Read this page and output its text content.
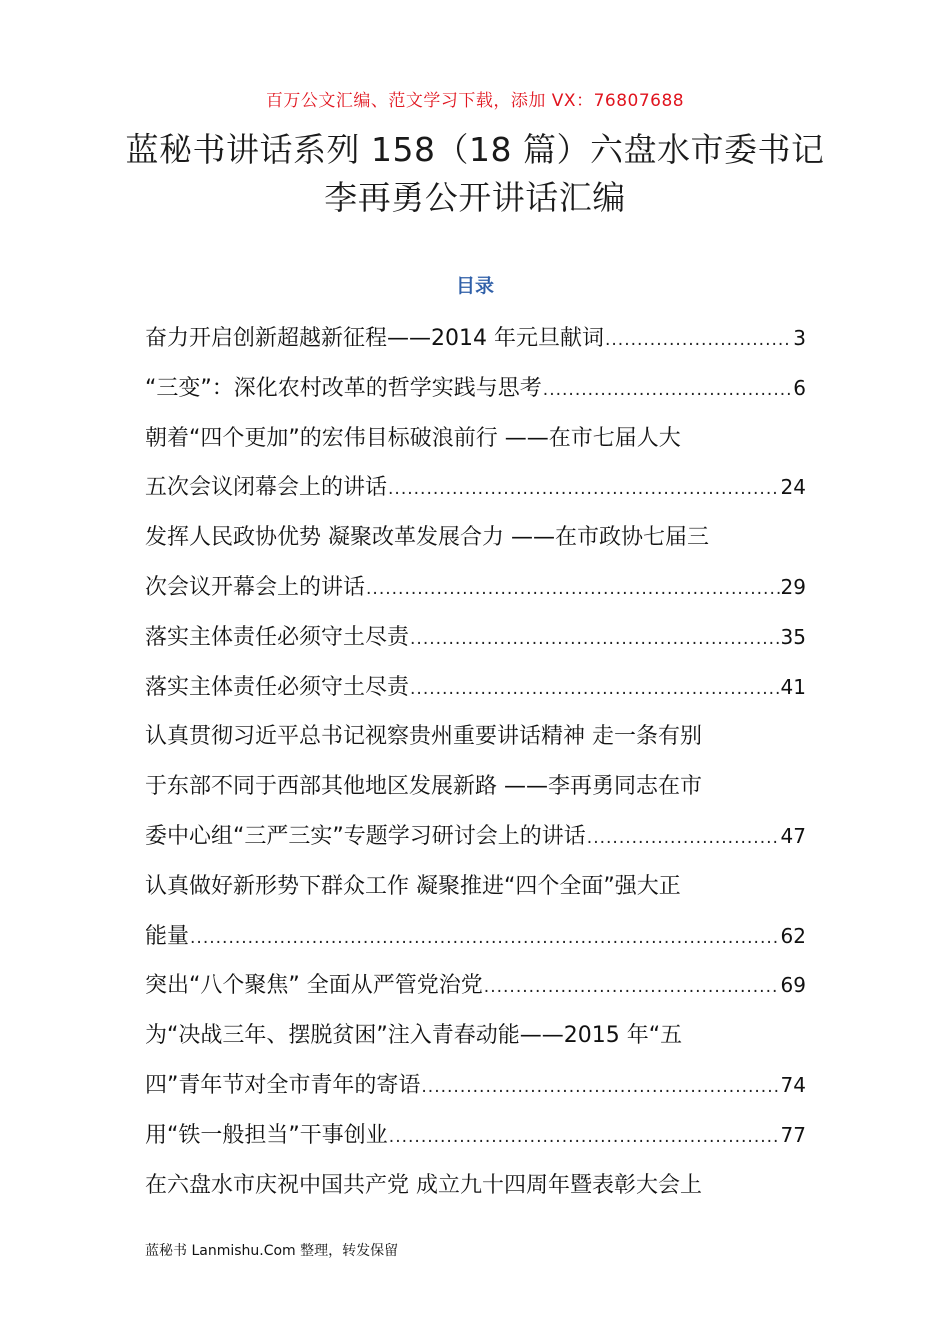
百万公文汇编、范文学习下载，添加 VX：76807688
蓝秘书讲话系列 158（18 篇）六盘水市委书记李再勇公开讲话汇编
目录
奋力开启创新超越新征程——2014 年元旦献词 .....	3
“三变”：深化农村改革的哲学实践与思考 .....	6
朝着“四个更加”的宏伟目标破浪前行 ——在市七届人大
五次会议闭幕会上的讲话 .....	24
发挥人民政协优势 凝聚改革发展合力 ——在市政协七届三
次会议开幕会上的讲话 .....	29
落实主体责任必须守土尽责 .....	35
落实主体责任必须守土尽责 .....	41
认真贯彻习近平总书记视察贵州重要讲话精神 走一条有别
于东部不同于西部其他地区发展新路 ——李再勇同志在市
委中心组“三严三实”专题学习研讨会上的讲话 .....	47
认真做好新形势下群众工作 凝聚推进“四个全面”强大正
能量 .....	62
突出“八个聚焦” 全面从严管党治党 .....	69
为“决战三年、摆脱贫困”注入青春动能——2015 年“五
四”青年节对全市青年的寄语 .....	74
用“铁一般担当”干事创业 .....	77
在六盘水市庆祝中国共产党 成立九十四周年暨表彰大会上
蓝秘书 Lanmishu.Com 整理，转发保留
